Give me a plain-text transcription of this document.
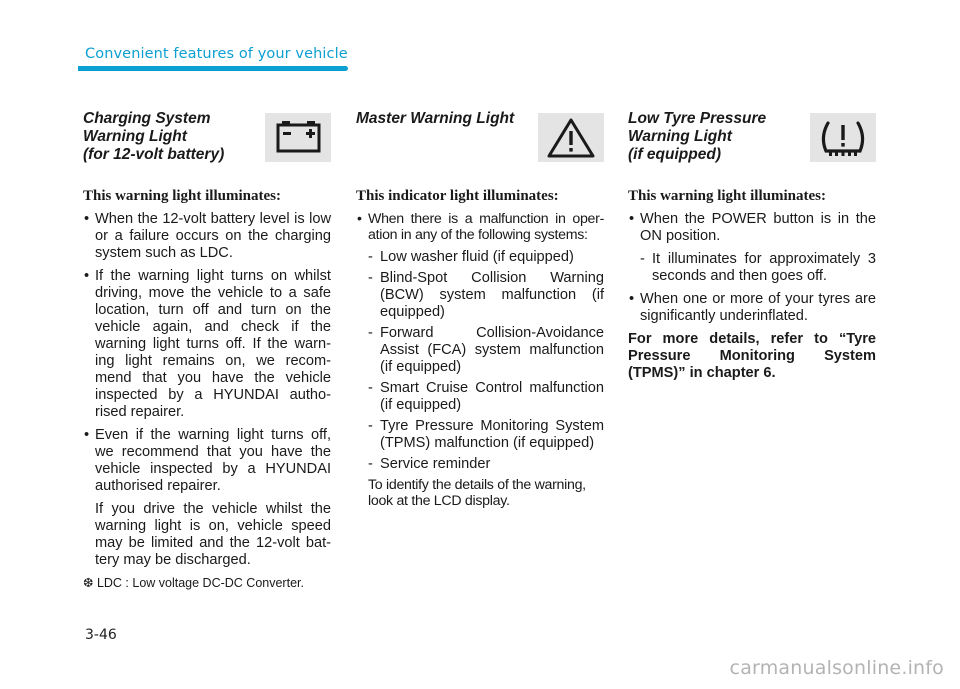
Convenient features of your vehicle
Charging System
Warning Light
(for 12-volt battery)

This warning light illuminates:

• When the 12-volt battery level is low or a failure occurs on the charging system such as LDC.
• If the warning light turns on whilst driving, move the vehicle to a safe location, turn off and turn on the vehicle again, and check if the warning light turns off. If the warn- ing light remains on, we recom- mend that you have the vehicle inspected by a HYUNDAI autho- rised repairer.
• Even if the warning light turns off, we recommend that you have the vehicle inspected by a HYUNDAI authorised repairer.

If you drive the vehicle whilst the warning light is on, vehicle speed may be limited and the 12-volt bat- tery may be discharged.

❆ LDC : Low voltage DC-DC Converter.
Master Warning Light

This indicator light illuminates:

• When there is a malfunction in oper- ation in any of the following systems:
- Low washer fluid (if equipped)
- Blind-Spot Collision Warning (BCW) system malfunction (if equipped)
- Forward Collision-Avoidance Assist (FCA) system malfunction (if equipped)
- Smart Cruise Control malfunction (if equipped)
- Tyre Pressure Monitoring System (TPMS) malfunction (if equipped)
- Service reminder

To identify the details of the warning, look at the LCD display.

Low Tyre Pressure
Warning Light
(if equipped)

This warning light illuminates:

• When the POWER button is in the ON position.
- It illuminates for approximately 3 seconds and then goes off.
• When one or more of your tyres are significantly underinflated.

For more details, refer to “Tyre Pressure Monitoring System (TPMS)” in chapter 6.

3-46
carmanualsonline.info
